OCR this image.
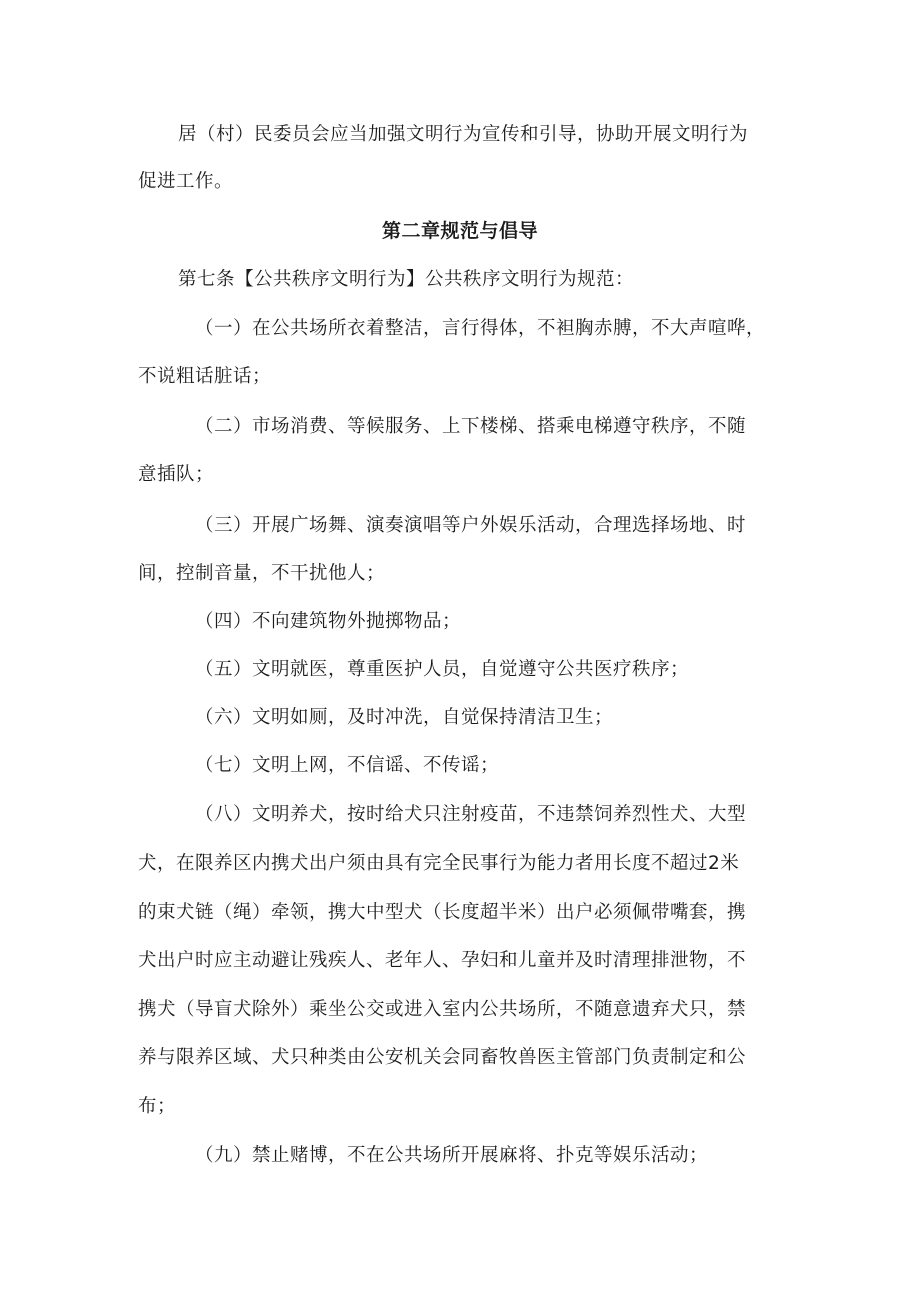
居（村）民委员会应当加强文明行为宣传和引导，协助开展文明行为
促进工作。
第二章规范与倡导
第七条【公共秩序文明行为】公共秩序文明行为规范：
（一）在公共场所衣着整洁，言行得体，不袒胸赤膊，不大声喧哗，
不说粗话脏话；
（二）市场消费、等候服务、上下楼梯、搭乘电梯遵守秩序，不随
意插队；
（三）开展广场舞、演奏演唱等户外娱乐活动，合理选择场地、时
间，控制音量，不干扰他人；
（四）不向建筑物外抛掷物品；
（五）文明就医，尊重医护人员，自觉遵守公共医疗秩序；
（六）文明如厕，及时冲洗，自觉保持清洁卫生；
（七）文明上网，不信谣、不传谣；
（八）文明养犬，按时给犬只注射疫苗，不违禁饲养烈性犬、大型
犬，在限养区内携犬出户须由具有完全民事行为能力者用长度不超过2米
的束犬链（绳）牵领，携大中型犬（长度超半米）出户必须佩带嘴套，携
犬出户时应主动避让残疾人、老年人、孕妇和儿童并及时清理排泄物，不
携犬（导盲犬除外）乘坐公交或进入室内公共场所，不随意遗弃犬只，禁
养与限养区域、犬只种类由公安机关会同畜牧兽医主管部门负责制定和公
布；
（九）禁止赌博，不在公共场所开展麻将、扑克等娱乐活动；
